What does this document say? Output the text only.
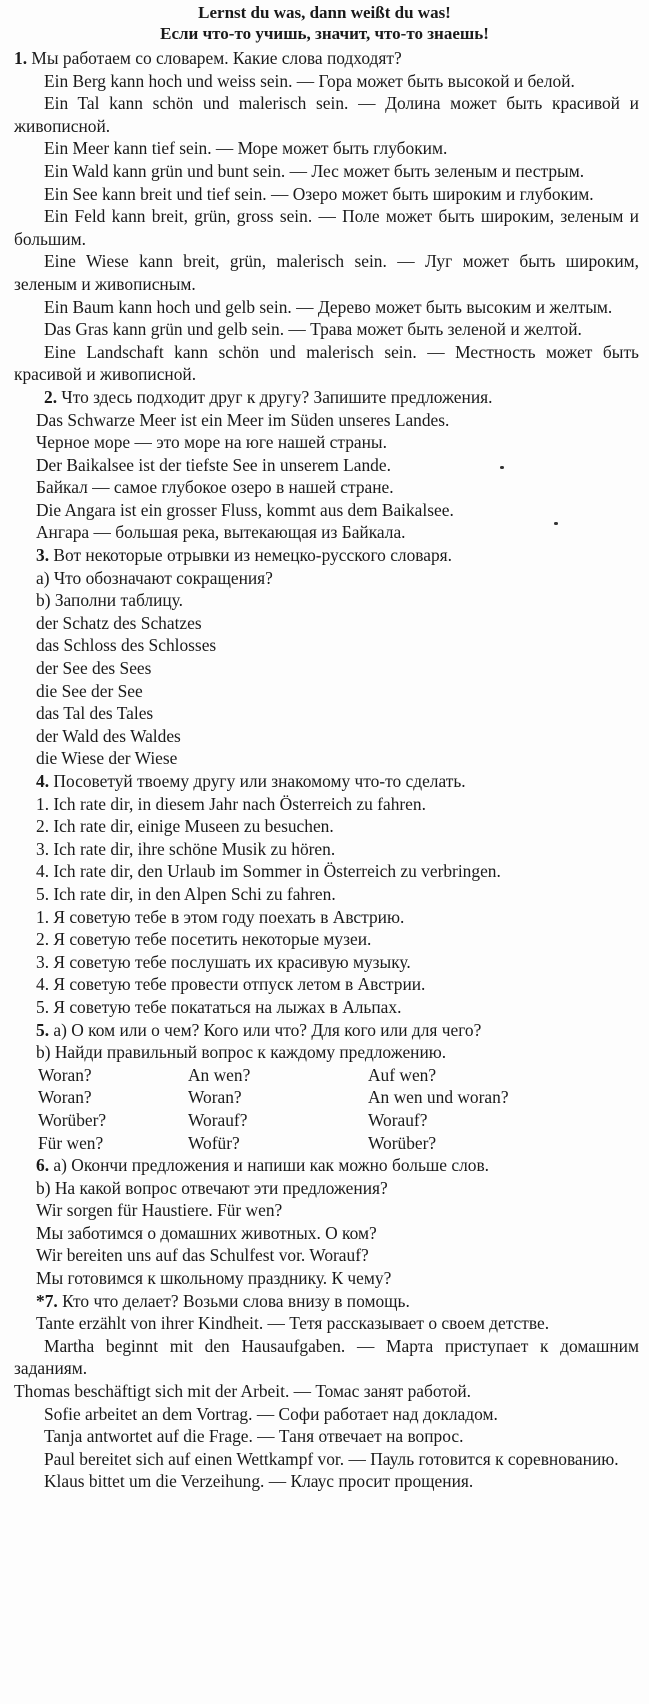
Lernst du was, dann weißt du was!
Если что-то учишь, значит, что-то знаешь!

1. Мы работаем со словарем. Какие слова подходят?

Ein Berg kann hoch und weiss sein. — Гора может быть высокой и белой.

Ein Tal kann schön und malerisch sein. — Долина может быть красивой и живописной.

Ein Meer kann tief sein. — Море может быть глубоким.

Ein Wald kann grün und bunt sein. — Лес может быть зеленым и пестрым.

Ein See kann breit und tief sein. — Озеро может быть широким и глубоким.

Ein Feld kann breit, grün, gross sein. — Поле может быть широким, зеленым и большим.

Eine Wiese kann breit, grün, malerisch sein. — Луг может быть широким, зеленым и живописным.

Ein Baum kann hoch und gelb sein. — Дерево может быть высоким и желтым.

Das Gras kann grün und gelb sein. — Трава может быть зеленой и желтой.

Eine Landschaft kann schön und malerisch sein. — Местность может быть красивой и живописной.

2. Что здесь подходит друг к другу? Запишите предложения.

Das Schwarze Meer ist ein Meer im Süden unseres Landes.

Черное море — это море на юге нашей страны.

Der Baikalsee ist der tiefste See in unserem Lande.

Байкал — самое глубокое озеро в нашей стране.

Die Angara ist ein grosser Fluss, kommt aus dem Baikalsee.

Ангара — большая река, вытекающая из Байкала.

3. Вот некоторые отрывки из немецко-русского словаря.

а) Что обозначают сокращения?

b) Заполни таблицу.

der Schatz des Schatzes

das Schloss des Schlosses

der See des Sees

die See der See

das Tal des Tales

der Wald des Waldes

die Wiese der Wiese

4. Посоветуй твоему другу или знакомому что-то сделать.

1. Ich rate dir, in diesem Jahr nach Österreich zu fahren.

2. Ich rate dir, einige Museen zu besuchen.

3. Ich rate dir, ihre schöne Musik zu hören.

4. Ich rate dir, den Urlaub im Sommer in Österreich zu verbringen.

5. Ich rate dir, in den Alpen Schi zu fahren.

1. Я советую тебе в этом году поехать в Австрию.

2. Я советую тебе посетить некоторые музеи.

3. Я советую тебе послушать их красивую музыку.

4. Я советую тебе провести отпуск летом в Австрии.

5. Я советую тебе покататься на лыжах в Альпах.

5. а) О ком или о чем? Кого или что? Для кого или для чего?

b) Найди правильный вопрос к каждому предложению.

Woran?	An wen?	Auf wen?
Woran?	Woran?	An wen und woran?
Worüber?	Worauf?	Worauf?
Für wen?	Wofür?	Worüber?

6. а) Окончи предложения и напиши как можно больше слов.

b) На какой вопрос отвечают эти предложения?

Wir sorgen für Haustiere. Für wen?

Мы заботимся о домашних животных. О ком?

Wir bereiten uns auf das Schulfest vor. Worauf?

Мы готовимся к школьному празднику. К чему?

*7. Кто что делает? Возьми слова внизу в помощь.

Tante erzählt von ihrer Kindheit. — Тетя рассказывает о своем детстве.

Martha beginnt mit den Hausaufgaben. — Марта приступает к домашним заданиям.

Thomas beschäftigt sich mit der Arbeit. — Томас занят работой.

Sofie arbeitet an dem Vortrag. — Софи работает над докладом.

Tanja antwortet auf die Frage. — Таня отвечает на вопрос.

Paul bereitet sich auf einen Wettkampf vor. — Пауль готовится к соревнованию.

Klaus bittet um die Verzeihung. — Клаус просит прощения.
